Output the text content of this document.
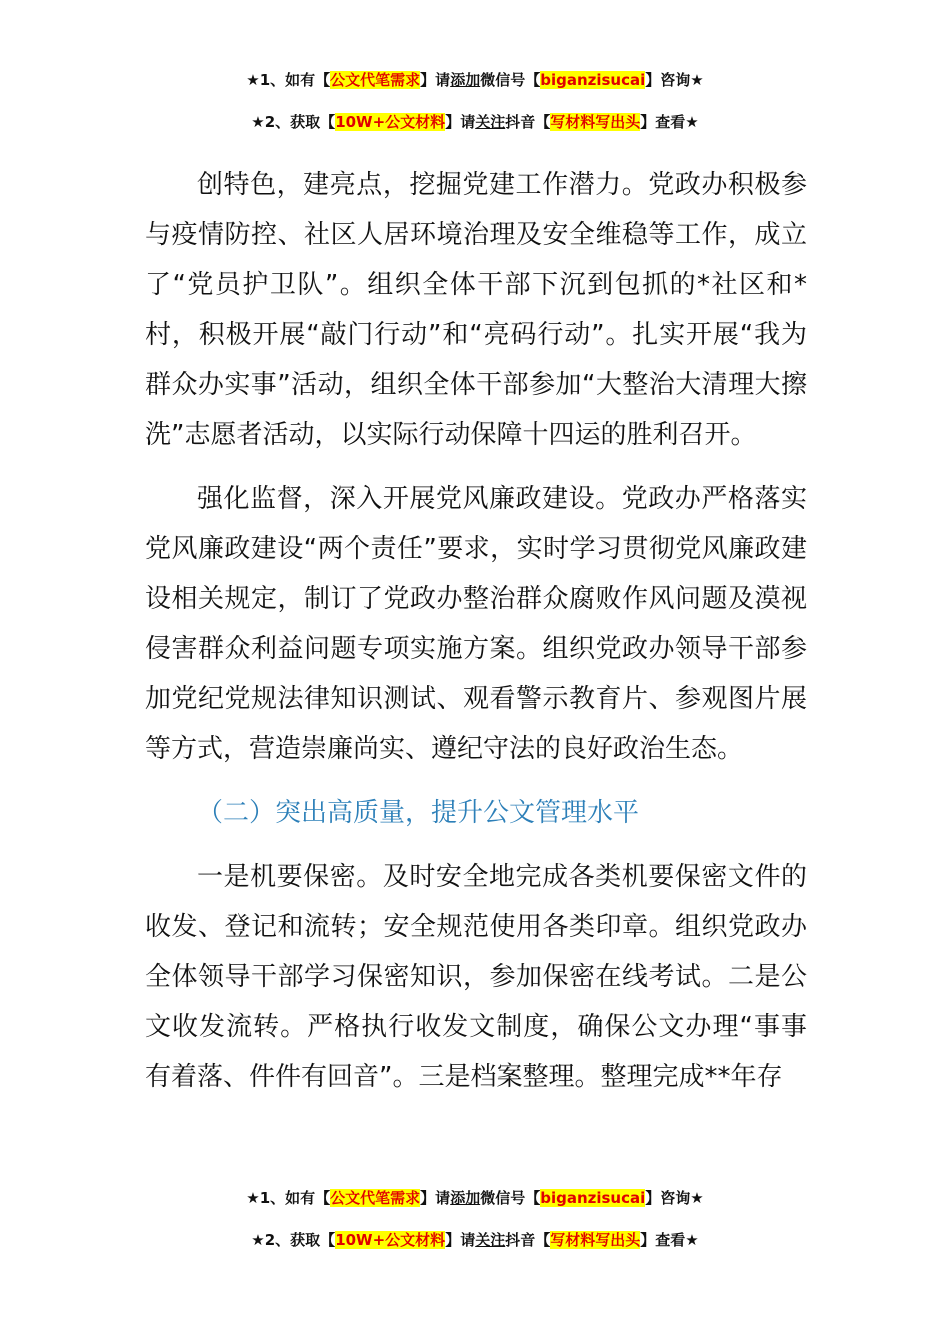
★1、如有【公文代笔需求】请添加微信号【biganzisucai】咨询★
★2、获取【10W+公文材料】请关注抖音【写材料写出头】查看★

创特色，建亮点，挖掘党建工作潜力。党政办积极参与疫情防控、社区人居环境治理及安全维稳等工作，成立了“党员护卫队”。组织全体干部下沉到包抓的*社区和*村，积极开展“敲门行动”和“亮码行动”。扎实开展“我为群众办实事”活动，组织全体干部参加“大整治大清理大擦洗”志愿者活动，以实际行动保障十四运的胜利召开。

强化监督，深入开展党风廉政建设。党政办严格落实党风廉政建设“两个责任”要求，实时学习贯彻党风廉政建设相关规定，制订了党政办整治群众腐败作风问题及漠视侵害群众利益问题专项实施方案。组织党政办领导干部参加党纪党规法律知识测试、观看警示教育片、参观图片展等方式，营造崇廉尚实、遵纪守法的良好政治生态。

（二）突出高质量，提升公文管理水平

一是机要保密。及时安全地完成各类机要保密文件的收发、登记和流转；安全规范使用各类印章。组织党政办全体领导干部学习保密知识，参加保密在线考试。二是公文收发流转。严格执行收发文制度，确保公文办理“事事有着落、件件有回音”。三是档案整理。整理完成**年存

★1、如有【公文代笔需求】请添加微信号【biganzisucai】咨询★
★2、获取【10W+公文材料】请关注抖音【写材料写出头】查看★
